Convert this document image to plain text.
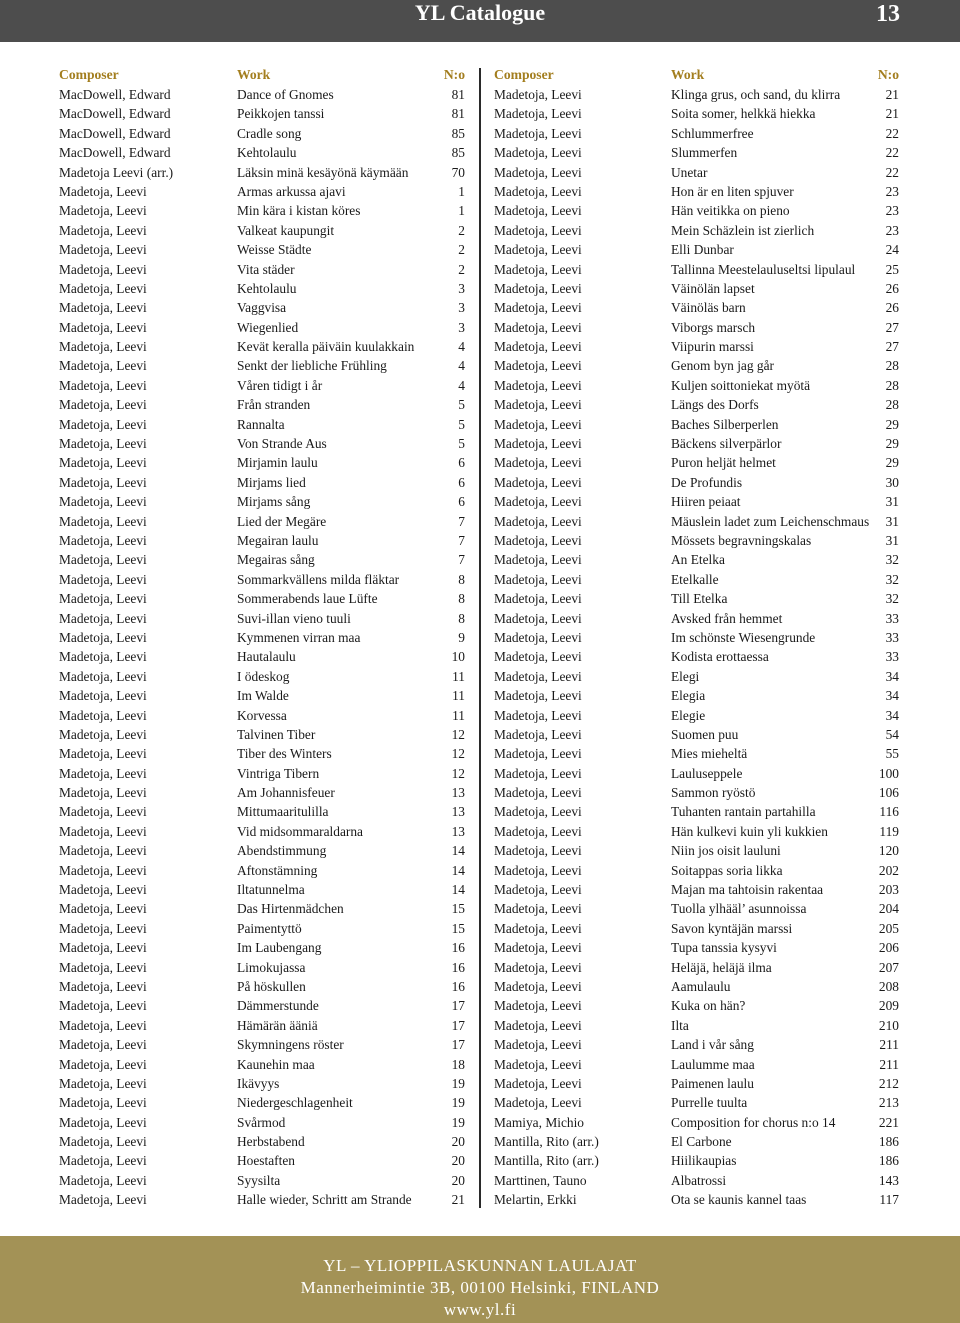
YL Catalogue	13
Composer	Work	N:o
MacDowell, Edward	Dance of Gnomes	81
MacDowell, Edward	Peikkojen tanssi	81
MacDowell, Edward	Cradle song	85
MacDowell, Edward	Kehtolaulu	85
Madetoja Leevi (arr.)	Läksin minä kesäyönä käymään	70
Madetoja, Leevi	Armas arkussa ajavi	1
Madetoja, Leevi	Min kära i kistan köres	1
Madetoja, Leevi	Valkeat kaupungit	2
Madetoja, Leevi	Weisse Städte	2
Madetoja, Leevi	Vita städer	2
Madetoja, Leevi	Kehtolaulu	3
Madetoja, Leevi	Vaggvisa	3
Madetoja, Leevi	Wiegenlied	3
Madetoja, Leevi	Kevät keralla päiväin kuulakkain	4
Madetoja, Leevi	Senkt der liebliche Frühling	4
Madetoja, Leevi	Våren tidigt i år	4
Madetoja, Leevi	Från stranden	5
Madetoja, Leevi	Rannalta	5
Madetoja, Leevi	Von Strande Aus	5
Madetoja, Leevi	Mirjamin laulu	6
Madetoja, Leevi	Mirjams lied	6
Madetoja, Leevi	Mirjams sång	6
Madetoja, Leevi	Lied der Megäre	7
Madetoja, Leevi	Megairan laulu	7
Madetoja, Leevi	Megairas sång	7
Madetoja, Leevi	Sommarkvällens milda fläktar	8
Madetoja, Leevi	Sommerabends laue Lüfte	8
Madetoja, Leevi	Suvi-illan vieno tuuli	8
Madetoja, Leevi	Kymmenen virran maa	9
Madetoja, Leevi	Hautalaulu	10
Madetoja, Leevi	I ödeskog	11
Madetoja, Leevi	Im Walde	11
Madetoja, Leevi	Korvessa	11
Madetoja, Leevi	Talvinen Tiber	12
Madetoja, Leevi	Tiber des Winters	12
Madetoja, Leevi	Vintriga Tibern	12
Madetoja, Leevi	Am Johannisfeuer	13
Madetoja, Leevi	Mittumaaritulilla	13
Madetoja, Leevi	Vid midsommaraldarna	13
Madetoja, Leevi	Abendstimmung	14
Madetoja, Leevi	Aftonstämning	14
Madetoja, Leevi	Iltatunnelma	14
Madetoja, Leevi	Das Hirtenmädchen	15
Madetoja, Leevi	Paimentyttö	15
Madetoja, Leevi	Im Laubengang	16
Madetoja, Leevi	Limokujassa	16
Madetoja, Leevi	På höskullen	16
Madetoja, Leevi	Dämmerstunde	17
Madetoja, Leevi	Hämärän ääniä	17
Madetoja, Leevi	Skymningens röster	17
Madetoja, Leevi	Kaunehin maa	18
Madetoja, Leevi	Ikävyys	19
Madetoja, Leevi	Niedergeschlagenheit	19
Madetoja, Leevi	Svårmod	19
Madetoja, Leevi	Herbstabend	20
Madetoja, Leevi	Hoestaften	20
Madetoja, Leevi	Syysilta	20
Madetoja, Leevi	Halle wieder, Schritt am Strande	21
Composer	Work	N:o
Madetoja, Leevi	Klinga grus, och sand, du klirra	21
Madetoja, Leevi	Soita somer, helkkä hiekka	21
Madetoja, Leevi	Schlummerfree	22
Madetoja, Leevi	Slummerfen	22
Madetoja, Leevi	Unetar	22
Madetoja, Leevi	Hon är en liten spjuver	23
Madetoja, Leevi	Hän veitikka on pieno	23
Madetoja, Leevi	Mein Schäzlein ist zierlich	23
Madetoja, Leevi	Elli Dunbar	24
Madetoja, Leevi	Tallinna Meestelauluseltsi lipulaul 25
Madetoja, Leevi	Väinölän lapset	26
Madetoja, Leevi	Väinöläs barn	26
Madetoja, Leevi	Viborgs marsch	27
Madetoja, Leevi	Viipurin marssi	27
Madetoja, Leevi	Genom byn jag går	28
Madetoja, Leevi	Kuljen soittoniekat myötä	28
Madetoja, Leevi	Längs des Dorfs	28
Madetoja, Leevi	Baches Silberperlen	29
Madetoja, Leevi	Bäckens silverpärlor	29
Madetoja, Leevi	Puron heljät helmet	29
Madetoja, Leevi	De Profundis	30
Madetoja, Leevi	Hiiren peiaat	31
Madetoja, Leevi	Mäuslein ladet zum Leichenschmaus 31
Madetoja, Leevi	Mössets begravningskalas	31
Madetoja, Leevi	An Etelka	32
Madetoja, Leevi	Etelkalle	32
Madetoja, Leevi	Till Etelka	32
Madetoja, Leevi	Avsked från hemmet	33
Madetoja, Leevi	Im schönste Wiesengrunde	33
Madetoja, Leevi	Kodista erottaessa	33
Madetoja, Leevi	Elegi	34
Madetoja, Leevi	Elegia	34
Madetoja, Leevi	Elegie	34
Madetoja, Leevi	Suomen puu	54
Madetoja, Leevi	Mies mieheltä	55
Madetoja, Leevi	Lauluseppele	100
Madetoja, Leevi	Sammon ryöstö	106
Madetoja, Leevi	Tuhanten rantain partahilla	116
Madetoja, Leevi	Hän kulkevi kuin yli kukkien	119
Madetoja, Leevi	Niin jos oisit lauluni	120
Madetoja, Leevi	Soitappas soria likka	202
Madetoja, Leevi	Majan ma tahtoisin rakentaa	203
Madetoja, Leevi	Tuolla ylhääl’ asunnoissa	204
Madetoja, Leevi	Savon kyntäjän marssi	205
Madetoja, Leevi	Tupa tanssia kysyvi	206
Madetoja, Leevi	Heläjä, heläjä ilma	207
Madetoja, Leevi	Aamulaulu	208
Madetoja, Leevi	Kuka on hän?	209
Madetoja, Leevi	Ilta	210
Madetoja, Leevi	Land i vår sång	211
Madetoja, Leevi	Laulumme maa	211
Madetoja, Leevi	Paimenen laulu	212
Madetoja, Leevi	Purrelle tuulta	213
Mamiya, Michio	Composition for chorus n:o 14	221
Mantilla, Rito (arr.)	El Carbone	186
Mantilla, Rito (arr.)	Hiilikaupias	186
Marttinen, Tauno	Albatrossi	143
Melartin, Erkki	Ota se kaunis kannel taas	117
YL – YLIOPPILASKUNNAN LAULAJAT
Mannerheimintie 3B, 00100 Helsinki, FINLAND
www.yl.fi
